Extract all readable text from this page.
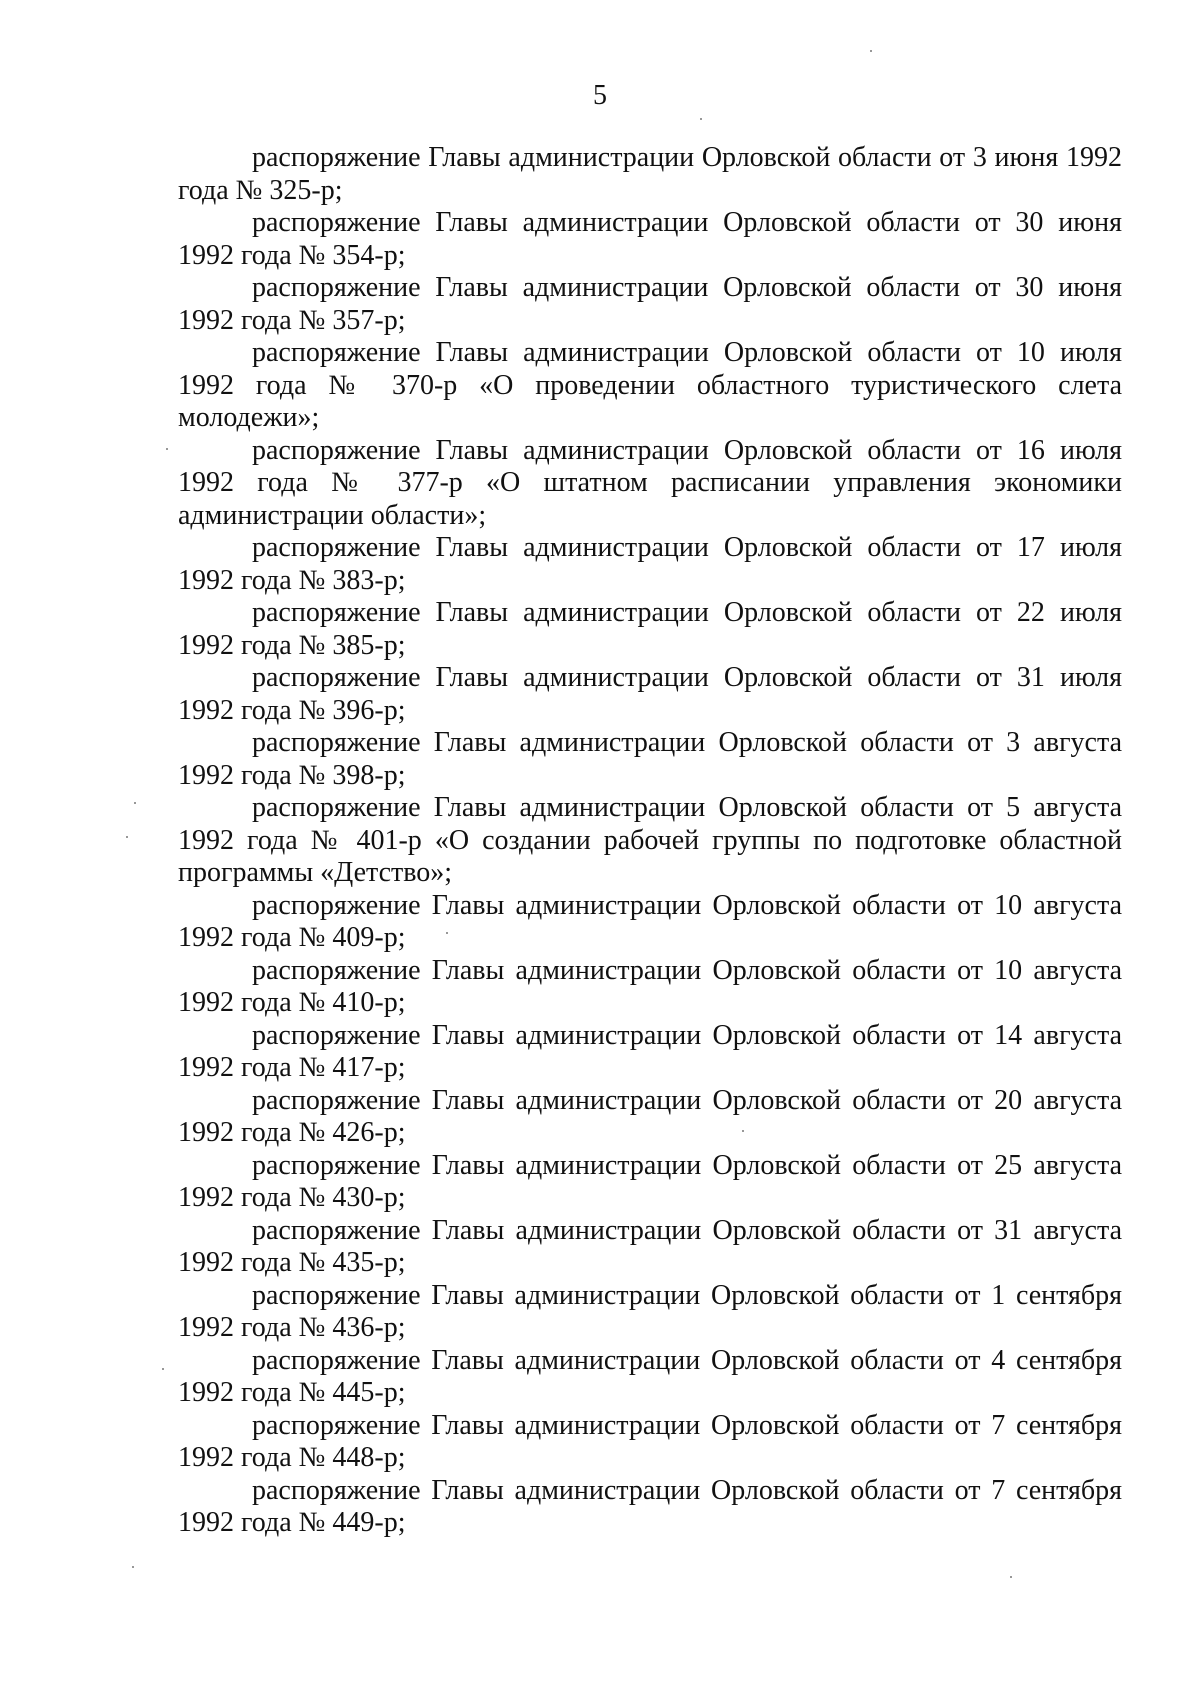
5

распоряжение Главы администрации Орловской области от 3 июня 1992 года № 325-р;

распоряжение Главы администрации Орловской области от 30 июня 1992 года № 354-р;

распоряжение Главы администрации Орловской области от 30 июня 1992 года № 357-р;

распоряжение Главы администрации Орловской области от 10 июля 1992 года № 370-р «О проведении областного туристического слета молодежи»;

распоряжение Главы администрации Орловской области от 16 июля 1992 года № 377-р «О штатном расписании управления экономики администрации области»;

распоряжение Главы администрации Орловской области от 17 июля 1992 года № 383-р;

распоряжение Главы администрации Орловской области от 22 июля 1992 года № 385-р;

распоряжение Главы администрации Орловской области от 31 июля 1992 года № 396-р;

распоряжение Главы администрации Орловской области от 3 августа 1992 года № 398-р;

распоряжение Главы администрации Орловской области от 5 августа 1992 года № 401-р «О создании рабочей группы по подготовке областной программы «Детство»;

распоряжение Главы администрации Орловской области от 10 августа 1992 года № 409-р;

распоряжение Главы администрации Орловской области от 10 августа 1992 года № 410-р;

распоряжение Главы администрации Орловской области от 14 августа 1992 года № 417-р;

распоряжение Главы администрации Орловской области от 20 августа 1992 года № 426-р;

распоряжение Главы администрации Орловской области от 25 августа 1992 года № 430-р;

распоряжение Главы администрации Орловской области от 31 августа 1992 года № 435-р;

распоряжение Главы администрации Орловской области от 1 сентября 1992 года № 436-р;

распоряжение Главы администрации Орловской области от 4 сентября 1992 года № 445-р;

распоряжение Главы администрации Орловской области от 7 сентября 1992 года № 448-р;

распоряжение Главы администрации Орловской области от 7 сентября 1992 года № 449-р;
